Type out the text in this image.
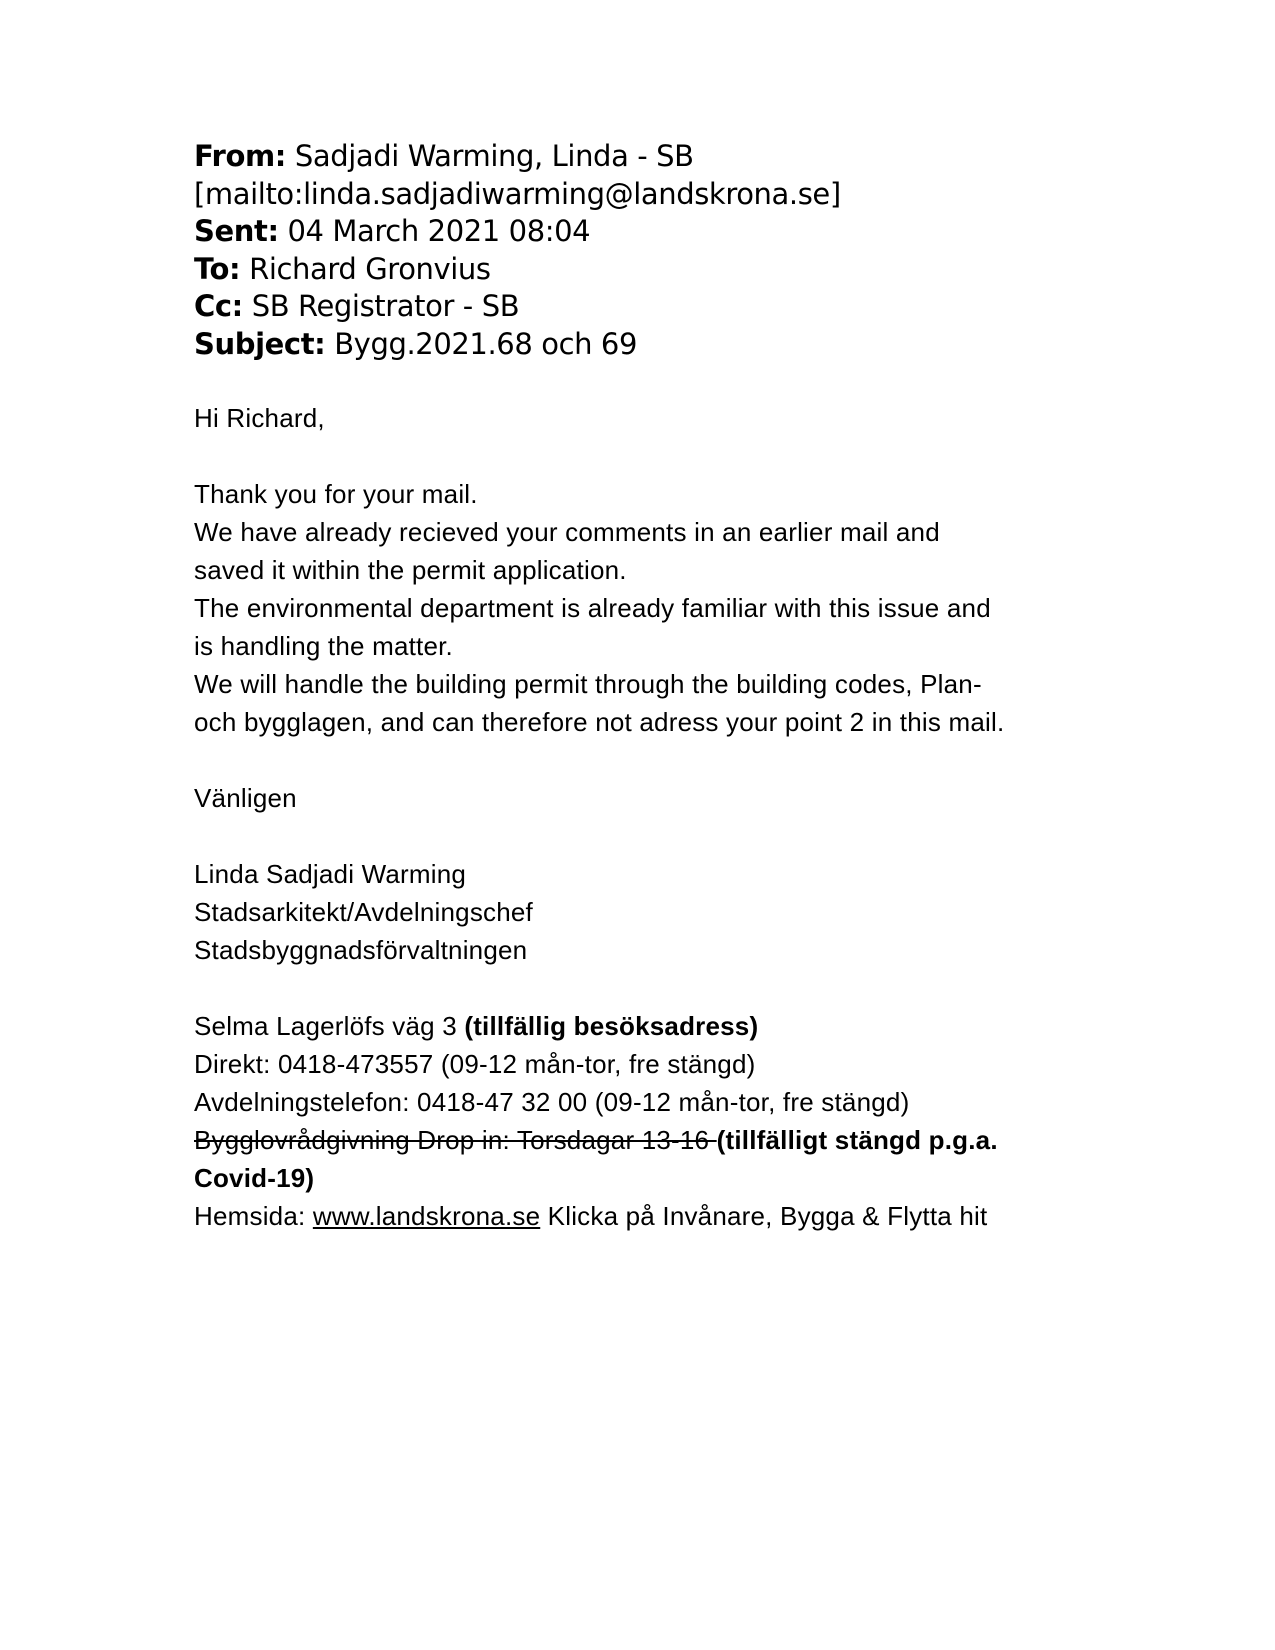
From: Sadjadi Warming, Linda - SB
[mailto:linda.sadjadiwarming@landskrona.se]
Sent: 04 March 2021 08:04
To: Richard Gronvius
Cc: SB Registrator - SB
Subject: Bygg.2021.68 och 69
Hi Richard,
Thank you for your mail.
We have already recieved your comments in an earlier mail and
saved it within the permit application.
The environmental department is already familiar with this issue and
is handling the matter.
We will handle the building permit through the building codes, Plan-
och bygglagen, and can therefore not adress your point 2 in this mail.
Vänligen
Linda Sadjadi Warming
Stadsarkitekt/Avdelningschef
Stadsbyggnadsförvaltningen
Selma Lagerlöfs väg 3 (tillfällig besöksadress)
Direkt: 0418-473557 (09-12 mån-tor, fre stängd)
Avdelningstelefon: 0418-47 32 00 (09-12 mån-tor, fre stängd)
Bygglovrådgivning Drop in: Torsdagar 13-16 (tillfälligt stängd p.g.a.
Covid-19)
Hemsida: www.landskrona.se Klicka på Invånare, Bygga & Flytta hit
